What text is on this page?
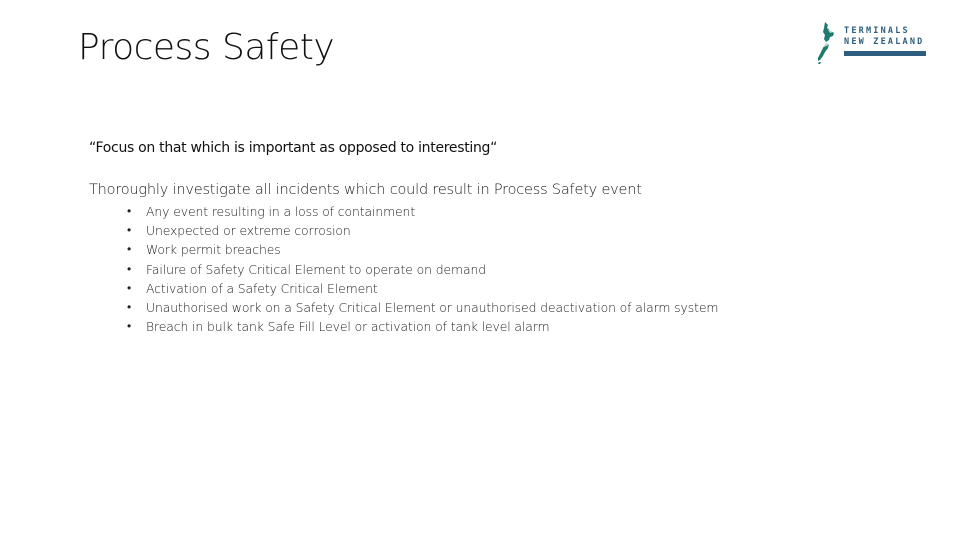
Process Safety	TERMINALS
NEW ZEALAND
“Focus on that which is important as opposed to interesting“
Thoroughly investigate all incidents which could result in Process Safety event
• Any event resulting in a loss of containment
• Unexpected or extreme corrosion
• Work permit breaches
• Failure of Safety Critical Element to operate on demand
• Activation of a Safety Critical Element
• Unauthorised work on a Safety Critical Element or unauthorised deactivation of alarm system
• Breach in bulk tank Safe Fill Level or activation of tank level alarm
